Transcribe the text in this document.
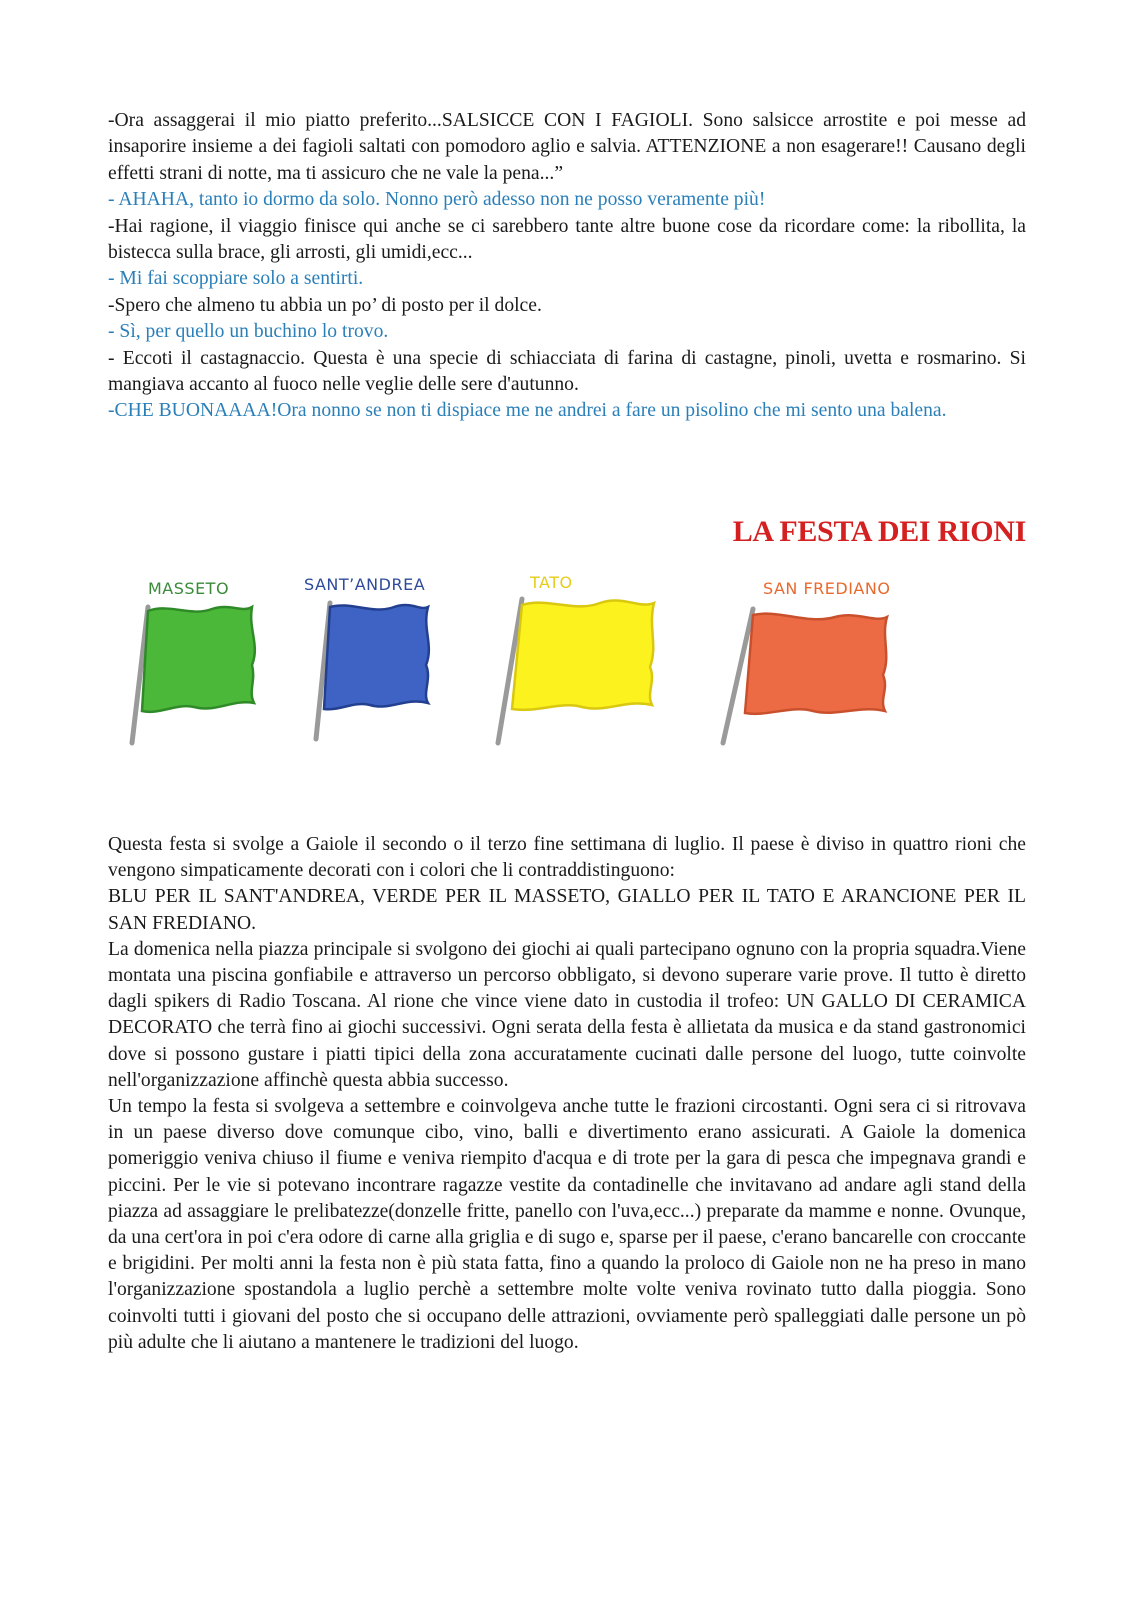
-Ora assaggerai il mio piatto preferito...SALSICCE CON I FAGIOLI. Sono salsicce arrostite e poi messe ad insaporire insieme a dei fagioli saltati con pomodoro aglio e salvia. ATTENZIONE a non esagerare!! Causano degli effetti strani di notte, ma ti assicuro che ne vale la pena...”

- AHAHA, tanto io dormo da solo. Nonno però adesso non ne posso veramente più!

-Hai ragione, il viaggio finisce qui anche se ci sarebbero tante altre buone cose da ricordare come: la ribollita, la bistecca sulla brace, gli arrosti, gli umidi,ecc...

- Mi fai scoppiare solo a sentirti.

-Spero che almeno tu abbia un po’ di posto per il dolce.

- Sì, per quello un buchino lo trovo.

- Eccoti il castagnaccio. Questa è una specie di schiacciata di farina di castagne, pinoli, uvetta e rosmarino. Si mangiava accanto al fuoco nelle veglie delle sere d'autunno.

-CHE BUONAAAA!Ora nonno se non ti dispiace me ne andrei a fare un pisolino che mi sento una balena.

LA FESTA DEI RIONI
MASSETO	SANT’ANDREA	TATO	SAN FREDIANO

Questa festa si svolge a Gaiole il secondo o il terzo fine settimana di luglio. Il paese è diviso in quattro rioni che vengono simpaticamente decorati con i colori che li contraddistinguono:

BLU PER IL SANT'ANDREA, VERDE PER IL MASSETO, GIALLO PER IL TATO E ARANCIONE PER IL SAN FREDIANO.

La domenica nella piazza principale si svolgono dei giochi ai quali partecipano ognuno con la propria squadra.Viene montata una piscina gonfiabile e attraverso un percorso obbligato, si devono superare varie prove. Il tutto è diretto dagli spikers di Radio Toscana. Al rione che vince viene dato in custodia il trofeo: UN GALLO DI CERAMICA DECORATO che terrà fino ai giochi successivi. Ogni serata della festa è allietata da musica e da stand gastronomici dove si possono gustare i piatti tipici della zona accuratamente cucinati dalle persone del luogo, tutte coinvolte nell'organizzazione affinchè questa abbia successo.

Un tempo la festa si svolgeva a settembre e coinvolgeva anche tutte le frazioni circostanti. Ogni sera ci si ritrovava in un paese diverso dove comunque cibo, vino, balli e divertimento erano assicurati. A Gaiole la domenica pomeriggio veniva chiuso il fiume e veniva riempito d'acqua e di trote per la gara di pesca che impegnava grandi e piccini. Per le vie si potevano incontrare ragazze vestite da contadinelle che invitavano ad andare agli stand della piazza ad assaggiare le prelibatezze(donzelle fritte, panello con l'uva,ecc...) preparate da mamme e nonne. Ovunque, da una cert'ora in poi c'era odore di carne alla griglia e di sugo e, sparse per il paese, c'erano bancarelle con croccante e brigidini. Per molti anni la festa non è più stata fatta, fino a quando la proloco di Gaiole non ne ha preso in mano l'organizzazione spostandola a luglio perchè a settembre molte volte veniva rovinato tutto dalla pioggia. Sono coinvolti tutti i giovani del posto che si occupano delle attrazioni, ovviamente però spalleggiati dalle persone un pò più adulte che li aiutano a mantenere le tradizioni del luogo.
